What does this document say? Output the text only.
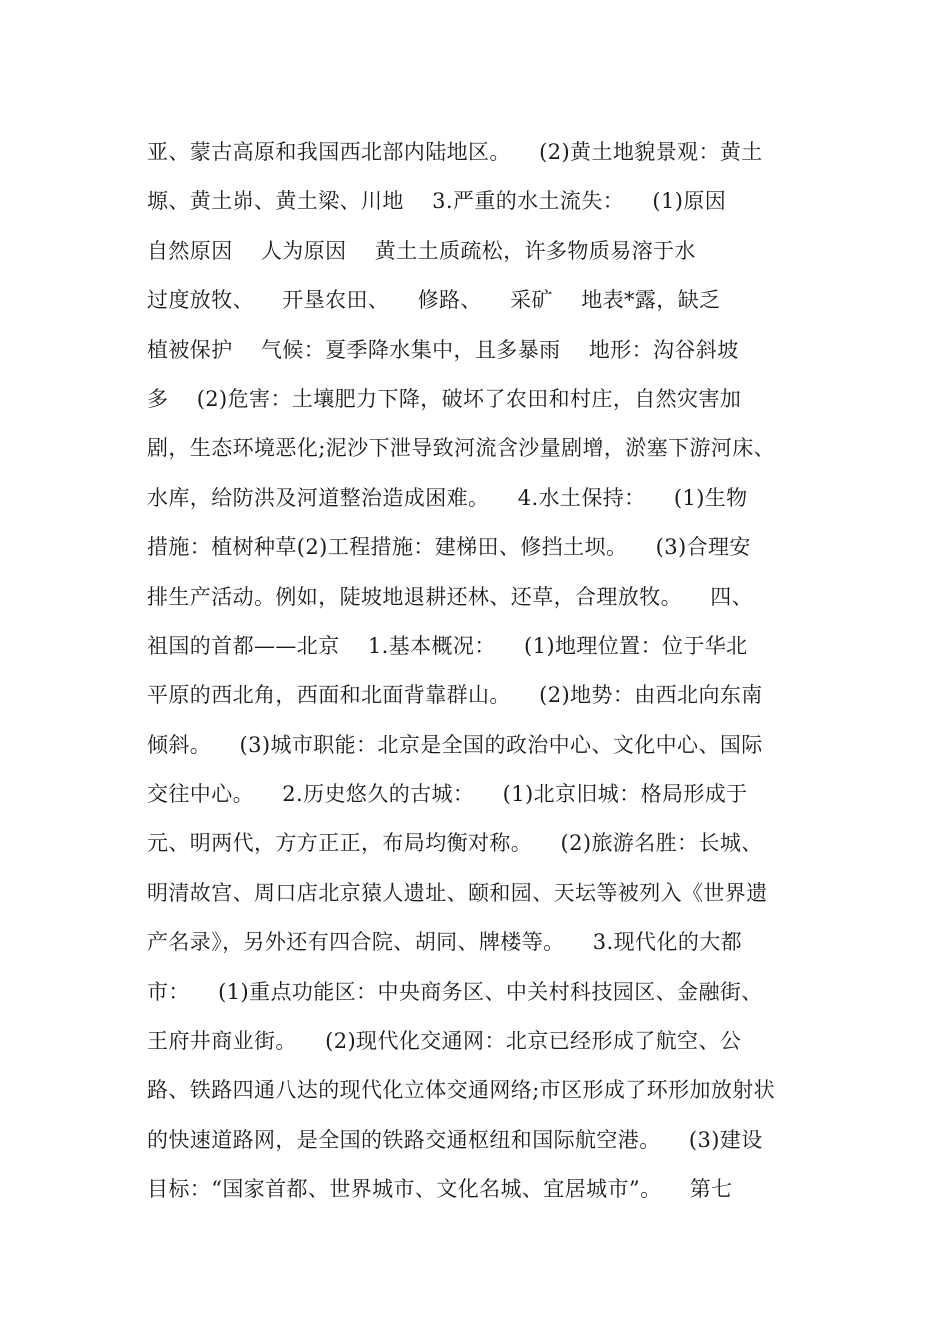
亚、蒙古高原和我国西北部内陆地区。    (2)黄土地貌景观：黄土
塬、黄土峁、黄土梁、川地    3.严重的水土流失：    (1)原因
自然原因    人为原因    黄土土质疏松，许多物质易溶于水
过度放牧、    开垦农田、    修路、    采矿    地表*露，缺乏
植被保护    气候：夏季降水集中，且多暴雨    地形：沟谷斜坡
多    (2)危害：土壤肥力下降，破坏了农田和村庄，自然灾害加
剧，生态环境恶化;泥沙下泄导致河流含沙量剧增，淤塞下游河床、
水库，给防洪及河道整治造成困难。    4.水土保持：    (1)生物
措施：植树种草(2)工程措施：建梯田、修挡土坝。    (3)合理安
排生产活动。例如，陡坡地退耕还林、还草，合理放牧。    四、
祖国的首都——北京    1.基本概况：    (1)地理位置：位于华北
平原的西北角，西面和北面背靠群山。    (2)地势：由西北向东南
倾斜。    (3)城市职能：北京是全国的政治中心、文化中心、国际
交往中心。    2.历史悠久的古城：    (1)北京旧城：格局形成于
元、明两代，方方正正，布局均衡对称。    (2)旅游名胜：长城、
明清故宫、周口店北京猿人遗址、颐和园、天坛等被列入《世界遗
产名录》，另外还有四合院、胡同、牌楼等。    3.现代化的大都
市：    (1)重点功能区：中央商务区、中关村科技园区、金融街、
王府井商业街。    (2)现代化交通网：北京已经形成了航空、公
路、铁路四通八达的现代化立体交通网络;市区形成了环形加放射状
的快速道路网，是全国的铁路交通枢纽和国际航空港。    (3)建设
目标：“国家首都、世界城市、文化名城、宜居城市”。    第七
